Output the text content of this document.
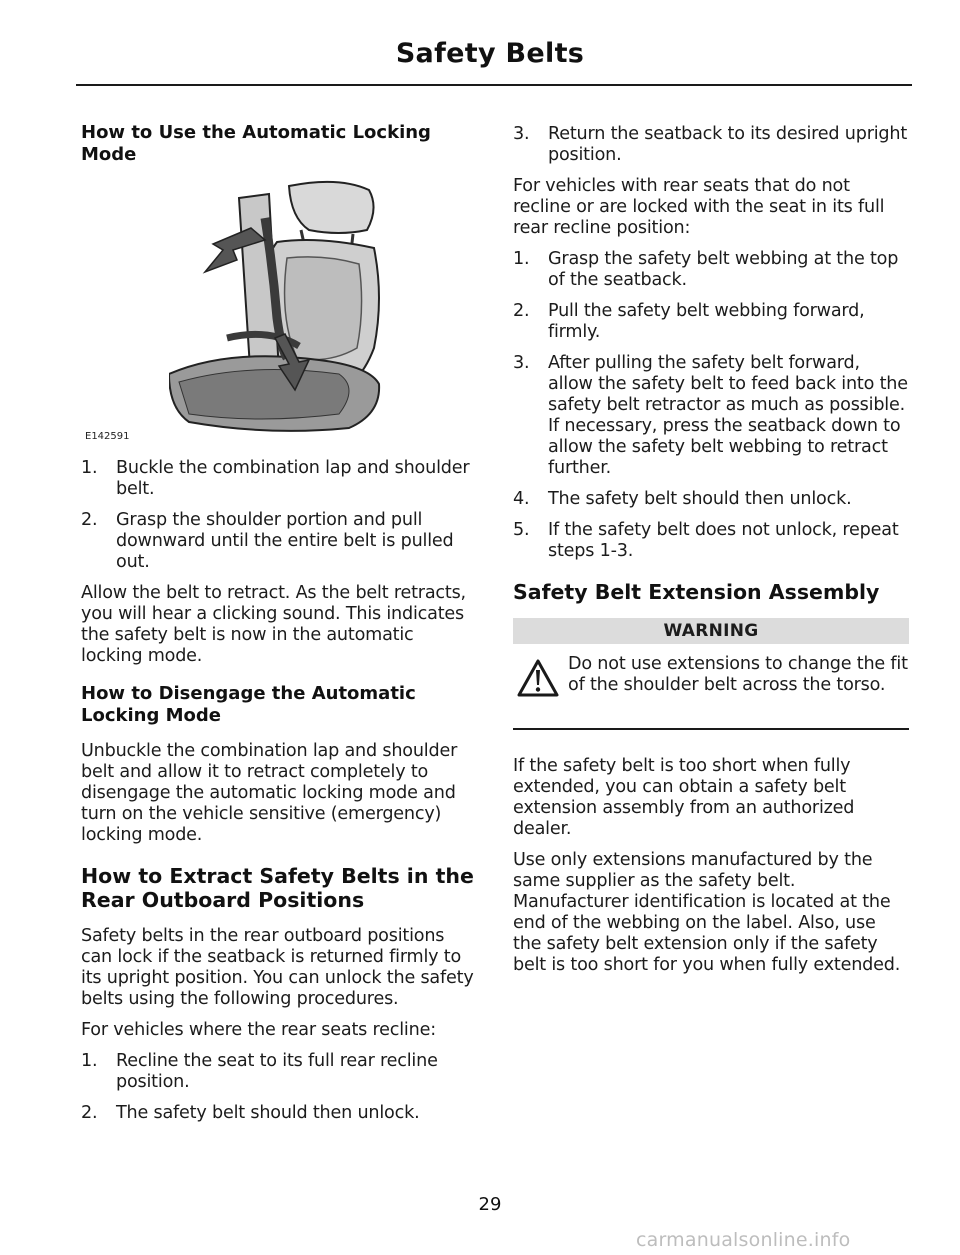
Safety Belts
How to Use the Automatic Locking Mode
E142591
1. Buckle the combination lap and shoulder belt.
2. Grasp the shoulder portion and pull downward until the entire belt is pulled out.

Allow the belt to retract. As the belt retracts, you will hear a clicking sound. This indicates the safety belt is now in the automatic locking mode.

How to Disengage the Automatic Locking Mode

Unbuckle the combination lap and shoulder belt and allow it to retract completely to disengage the automatic locking mode and turn on the vehicle sensitive (emergency) locking mode.

How to Extract Safety Belts in the Rear Outboard Positions

Safety belts in the rear outboard positions can lock if the seatback is returned firmly to its upright position. You can unlock the safety belts using the following procedures.

For vehicles where the rear seats recline:

1. Recline the seat to its full rear recline position.
2. The safety belt should then unlock.
3. Return the seatback to its desired upright position.

For vehicles with rear seats that do not recline or are locked with the seat in its full rear recline position:

1. Grasp the safety belt webbing at the top of the seatback.
2. Pull the safety belt webbing forward, firmly.
3. After pulling the safety belt forward, allow the safety belt to feed back into the safety belt retractor as much as possible. If necessary, press the seatback down to allow the safety belt webbing to retract further.
4. The safety belt should then unlock.
5. If the safety belt does not unlock, repeat steps 1-3.
Safety Belt Extension Assembly
WARNING

Do not use extensions to change the fit of the shoulder belt across the torso.

If the safety belt is too short when fully extended, you can obtain a safety belt extension assembly from an authorized dealer.

Use only extensions manufactured by the same supplier as the safety belt. Manufacturer identification is located at the end of the webbing on the label. Also, use the safety belt extension only if the safety belt is too short for you when fully extended.

29
carmanualsonline.info
